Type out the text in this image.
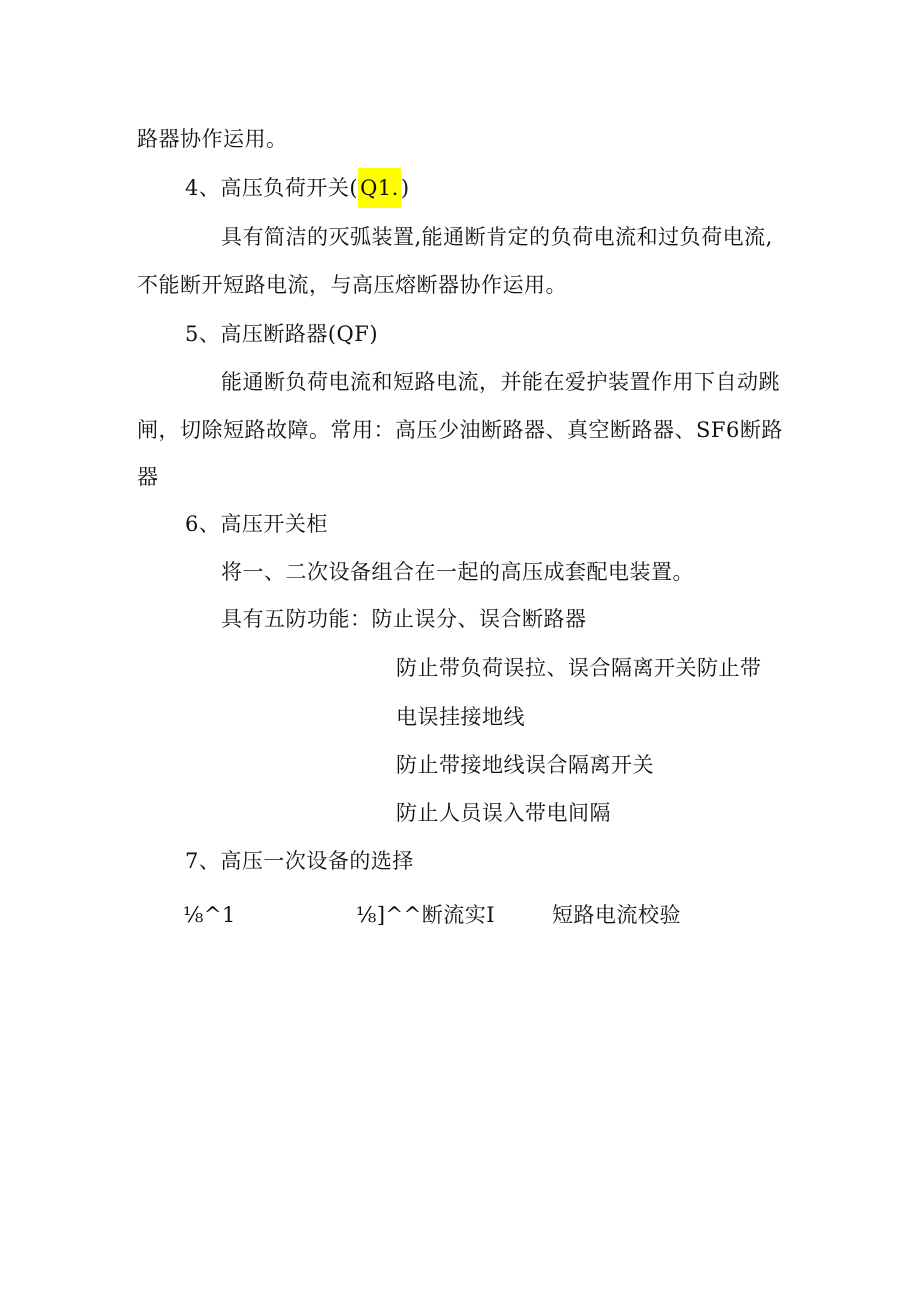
路器协作运用。
4、高压负荷开关(Q1.)
具有简洁的灭弧装置,能通断肯定的负荷电流和过负荷电流,
不能断开短路电流，与高压熔断器协作运用。
5、高压断路器(QF)
能通断负荷电流和短路电流，并能在爱护装置作用下自动跳
闸，切除短路故障。常用：高压少油断路器、真空断路器、SF6断路
器
6、高压开关柜
将一、二次设备组合在一起的高压成套配电装置。
具有五防功能：防止误分、误合断路器
防止带负荷误拉、误合隔离开关防止带
电误挂接地线
防止带接地线误合隔离开关
防止人员误入带电间隔
7、高压一次设备的选择
⅛^1	⅛]^^断流实I	短路电流校验
